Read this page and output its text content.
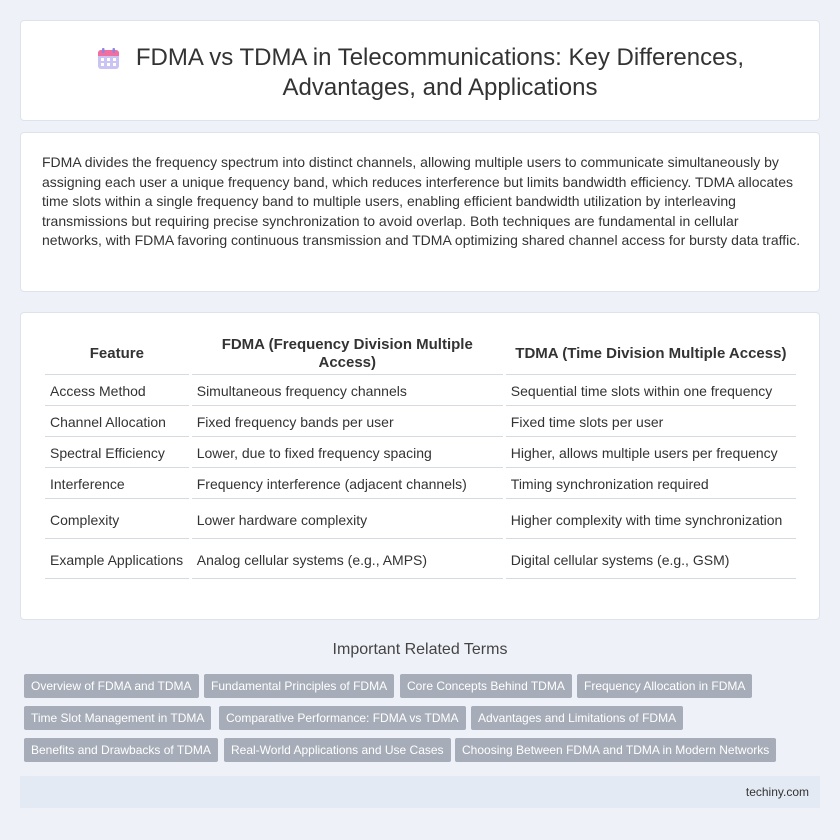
FDMA vs TDMA in Telecommunications: Key Differences, Advantages, and Applications

FDMA divides the frequency spectrum into distinct channels, allowing multiple users to communicate simultaneously by assigning each user a unique frequency band, which reduces interference but limits bandwidth efficiency. TDMA allocates time slots within a single frequency band to multiple users, enabling efficient bandwidth utilization by interleaving transmissions but requiring precise synchronization to avoid overlap. Both techniques are fundamental in cellular networks, with FDMA favoring continuous transmission and TDMA optimizing shared channel access for bursty data traffic.

Feature	FDMA (Frequency Division Multiple Access)	TDMA (Time Division Multiple Access)
Access Method	Simultaneous frequency channels	Sequential time slots within one frequency
Channel Allocation	Fixed frequency bands per user	Fixed time slots per user
Spectral Efficiency	Lower, due to fixed frequency spacing	Higher, allows multiple users per frequency
Interference	Frequency interference (adjacent channels)	Timing synchronization required
Complexity	Lower hardware complexity	Higher complexity with time synchronization
Example Applications	Analog cellular systems (e.g., AMPS)	Digital cellular systems (e.g., GSM)
Important Related Terms
Overview of FDMA and TDMA	Fundamental Principles of FDMA	Core Concepts Behind TDMA	Frequency Allocation in FDMA
Time Slot Management in TDMA	Comparative Performance: FDMA vs TDMA	Advantages and Limitations of FDMA
Benefits and Drawbacks of TDMA	Real-World Applications and Use Cases	Choosing Between FDMA and TDMA in Modern Networks
techiny.com
